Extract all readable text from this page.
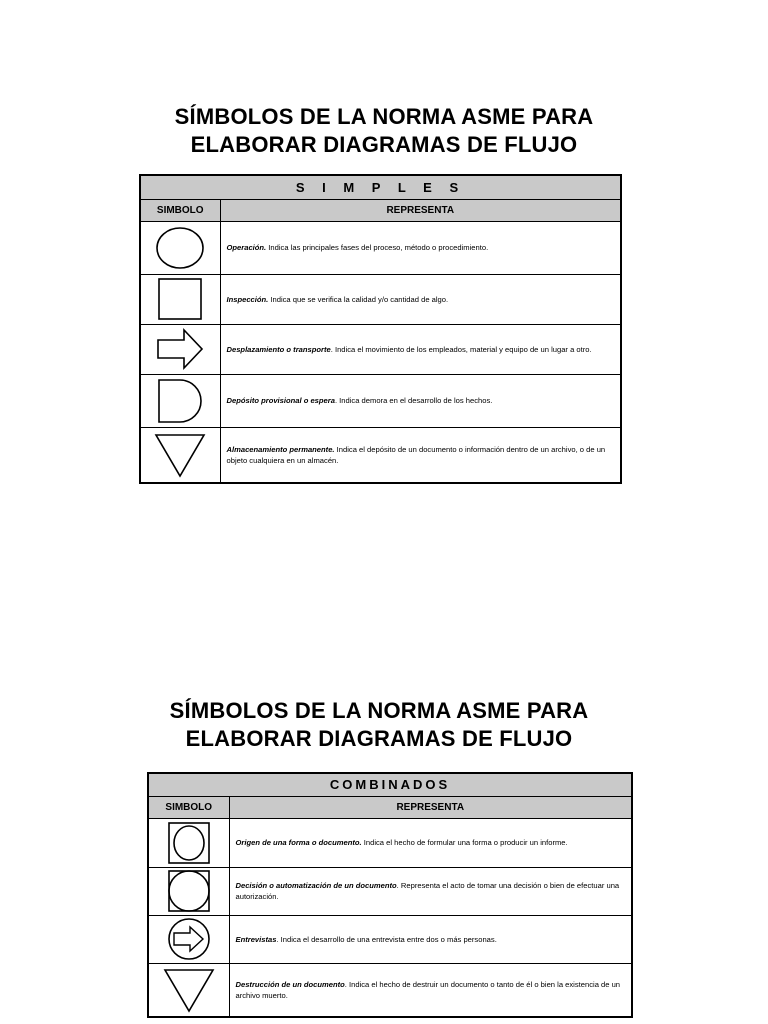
SÍMBOLOS DE LA NORMA ASME PARA
ELABORAR DIAGRAMAS DE FLUJO
S I M P L E S	
SIMBOLO	REPRESENTA

	Operación. Indica las principales fases del proceso, método o procedimiento.

	Inspección. Indica que se verifica la calidad y/o cantidad de algo.

	Desplazamiento o transporte. Indica el movimiento de los empleados, material y equipo de un lugar a otro.

	Depósito provisional o espera. Indica demora en el desarrollo de los hechos.

	Almacenamiento permanente. Indica el depósito de un documento o información dentro de un archivo, o de un objeto cualquiera en un almacén.
SÍMBOLOS DE LA NORMA ASME PARA
ELABORAR DIAGRAMAS DE FLUJO
COMBINADOS	
SIMBOLO	REPRESENTA

	Origen de una forma o documento. Indica el hecho de formular una forma o producir un informe.

	Decisión o automatización de un documento. Representa el acto de tomar una decisión o bien de efectuar una autorización.

	Entrevistas. Indica el desarrollo de una entrevista entre dos o más personas.

	Destrucción de un documento. Indica el hecho de destruir un documento o tanto de él o bien la existencia de un archivo muerto.
